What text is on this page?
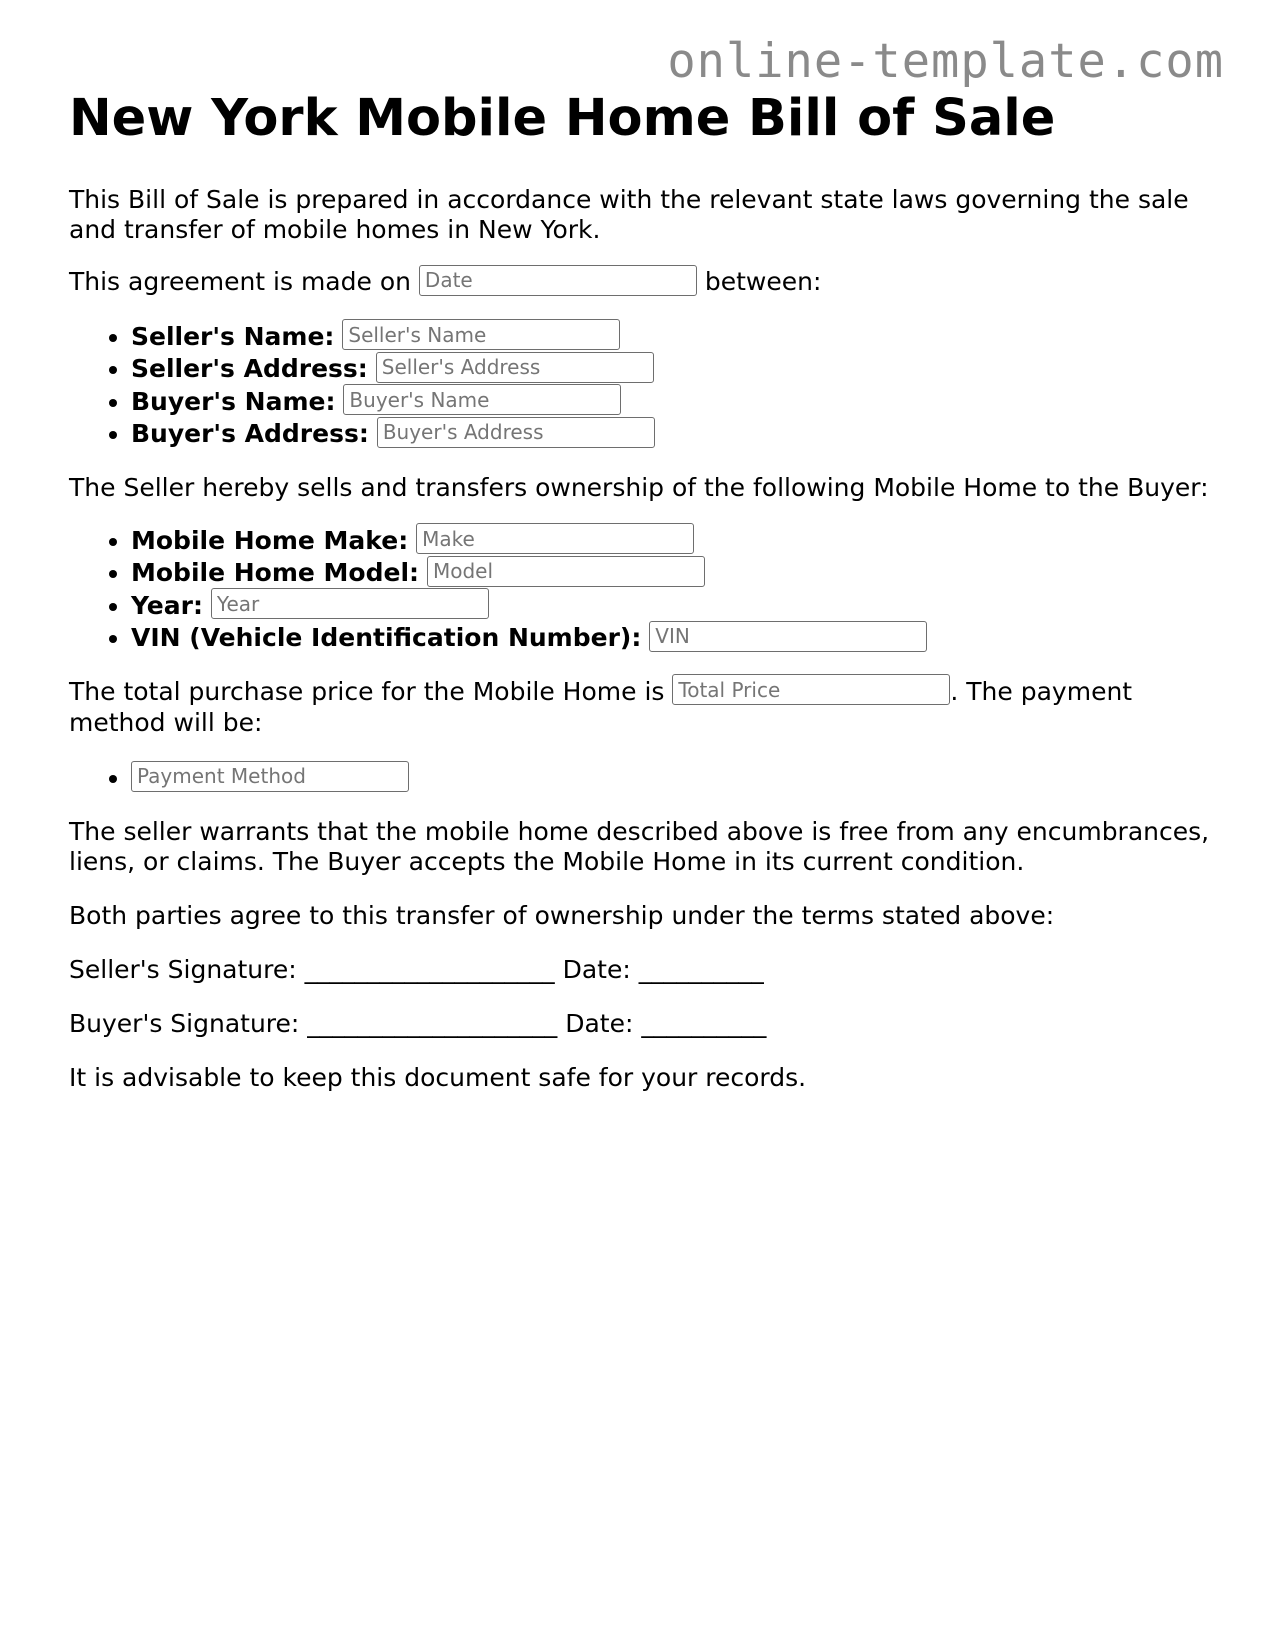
online-template.com
New York Mobile Home Bill of Sale

This Bill of Sale is prepared in accordance with the relevant state laws governing the sale and transfer of mobile homes in New York.

This agreement is made on Date	between:

• Seller's Name: Seller's Name
• Seller's Address: Seller's Address
• Buyer's Name: Buyer's Name
• Buyer's Address: Buyer's Address

The Seller hereby sells and transfers ownership of the following Mobile Home to the Buyer:

• Mobile Home Make: Make
• Mobile Home Model: Model
• Year: Year
• VIN (Vehicle Identification Number): VIN

The total purchase price for the Mobile Home is Total Price	. The payment method will be:

• Payment Method

The seller warrants that the mobile home described above is free from any encumbrances, liens, or claims. The Buyer accepts the Mobile Home in its current condition.

Both parties agree to this transfer of ownership under the terms stated above:

Seller's Signature: ____________________ Date: __________

Buyer's Signature: ____________________ Date: __________

It is advisable to keep this document safe for your records.
